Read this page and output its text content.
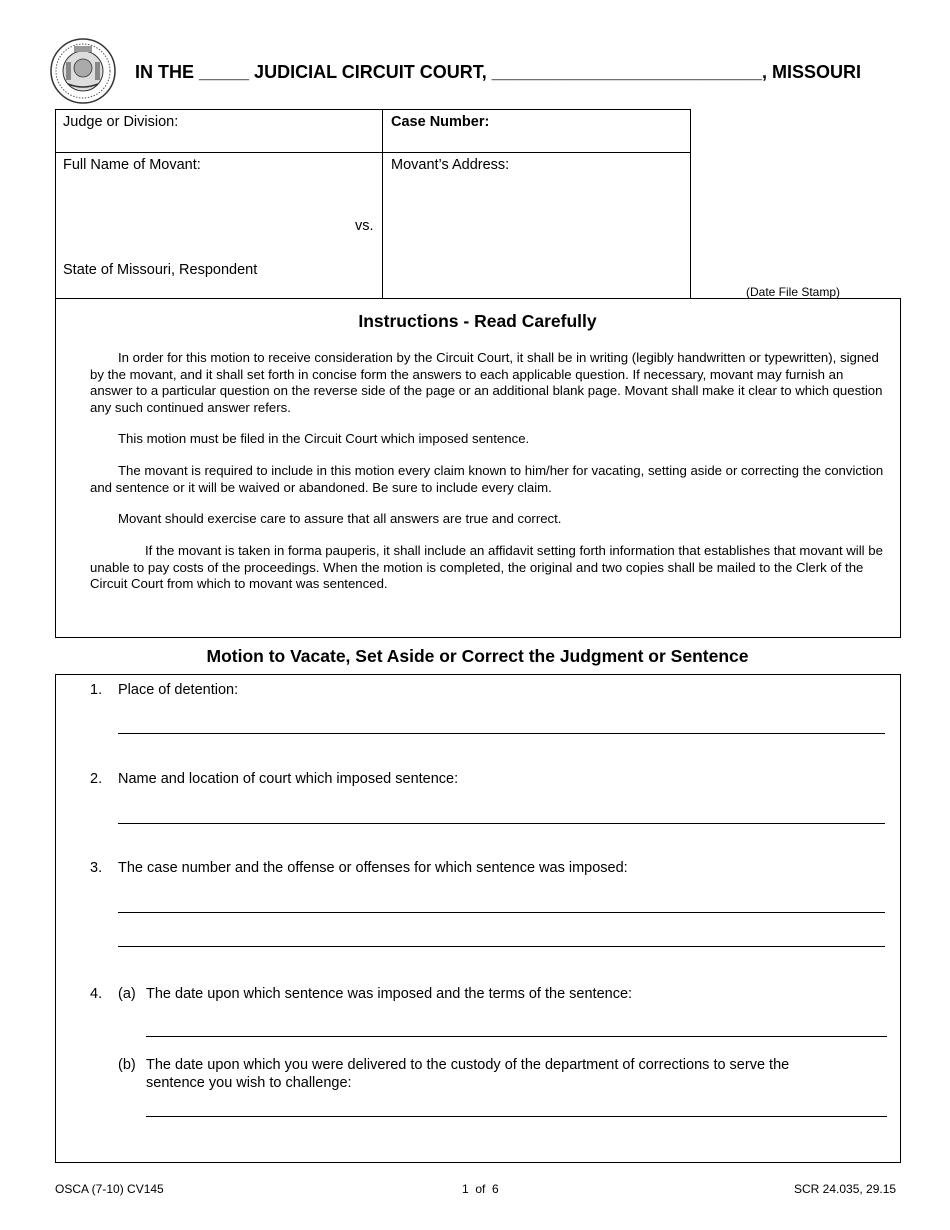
IN THE _____ JUDICIAL CIRCUIT COURT, ___________________________, MISSOURI
Judge or Division:	Case Number:
Full Name of Movant:
vs.
State of Missouri, Respondent
Movant’s Address:
(Date File Stamp)
Instructions - Read Carefully
In order for this motion to receive consideration by the Circuit Court, it shall be in writing (legibly handwritten or typewritten), signed by the movant, and it shall set forth in concise form the answers to each applicable question. If necessary, movant may furnish an answer to a particular question on the reverse side of the page or an additional blank page. Movant shall make it clear to which question any such continued answer refers.
This motion must be filed in the Circuit Court which imposed sentence.
The movant is required to include in this motion every claim known to him/her for vacating, setting aside or correcting the conviction and sentence or it will be waived or abandoned. Be sure to include every claim.
Movant should exercise care to assure that all answers are true and correct.
If the movant is taken in forma pauperis, it shall include an affidavit setting forth information that establishes that movant will be unable to pay costs of the proceedings. When the motion is completed, the original and two copies shall be mailed to the Clerk of the Circuit Court from which to movant was sentenced.
Motion to Vacate, Set Aside or Correct the Judgment or Sentence
1. Place of detention:
2. Name and location of court which imposed sentence:
3. The case number and the offense or offenses for which sentence was imposed:
4. (a) The date upon which sentence was imposed and the terms of the sentence:
(b) The date upon which you were delivered to the custody of the department of corrections to serve the sentence you wish to challenge:
OSCA (7-10) CV145	1  of  6	SCR 24.035, 29.15
